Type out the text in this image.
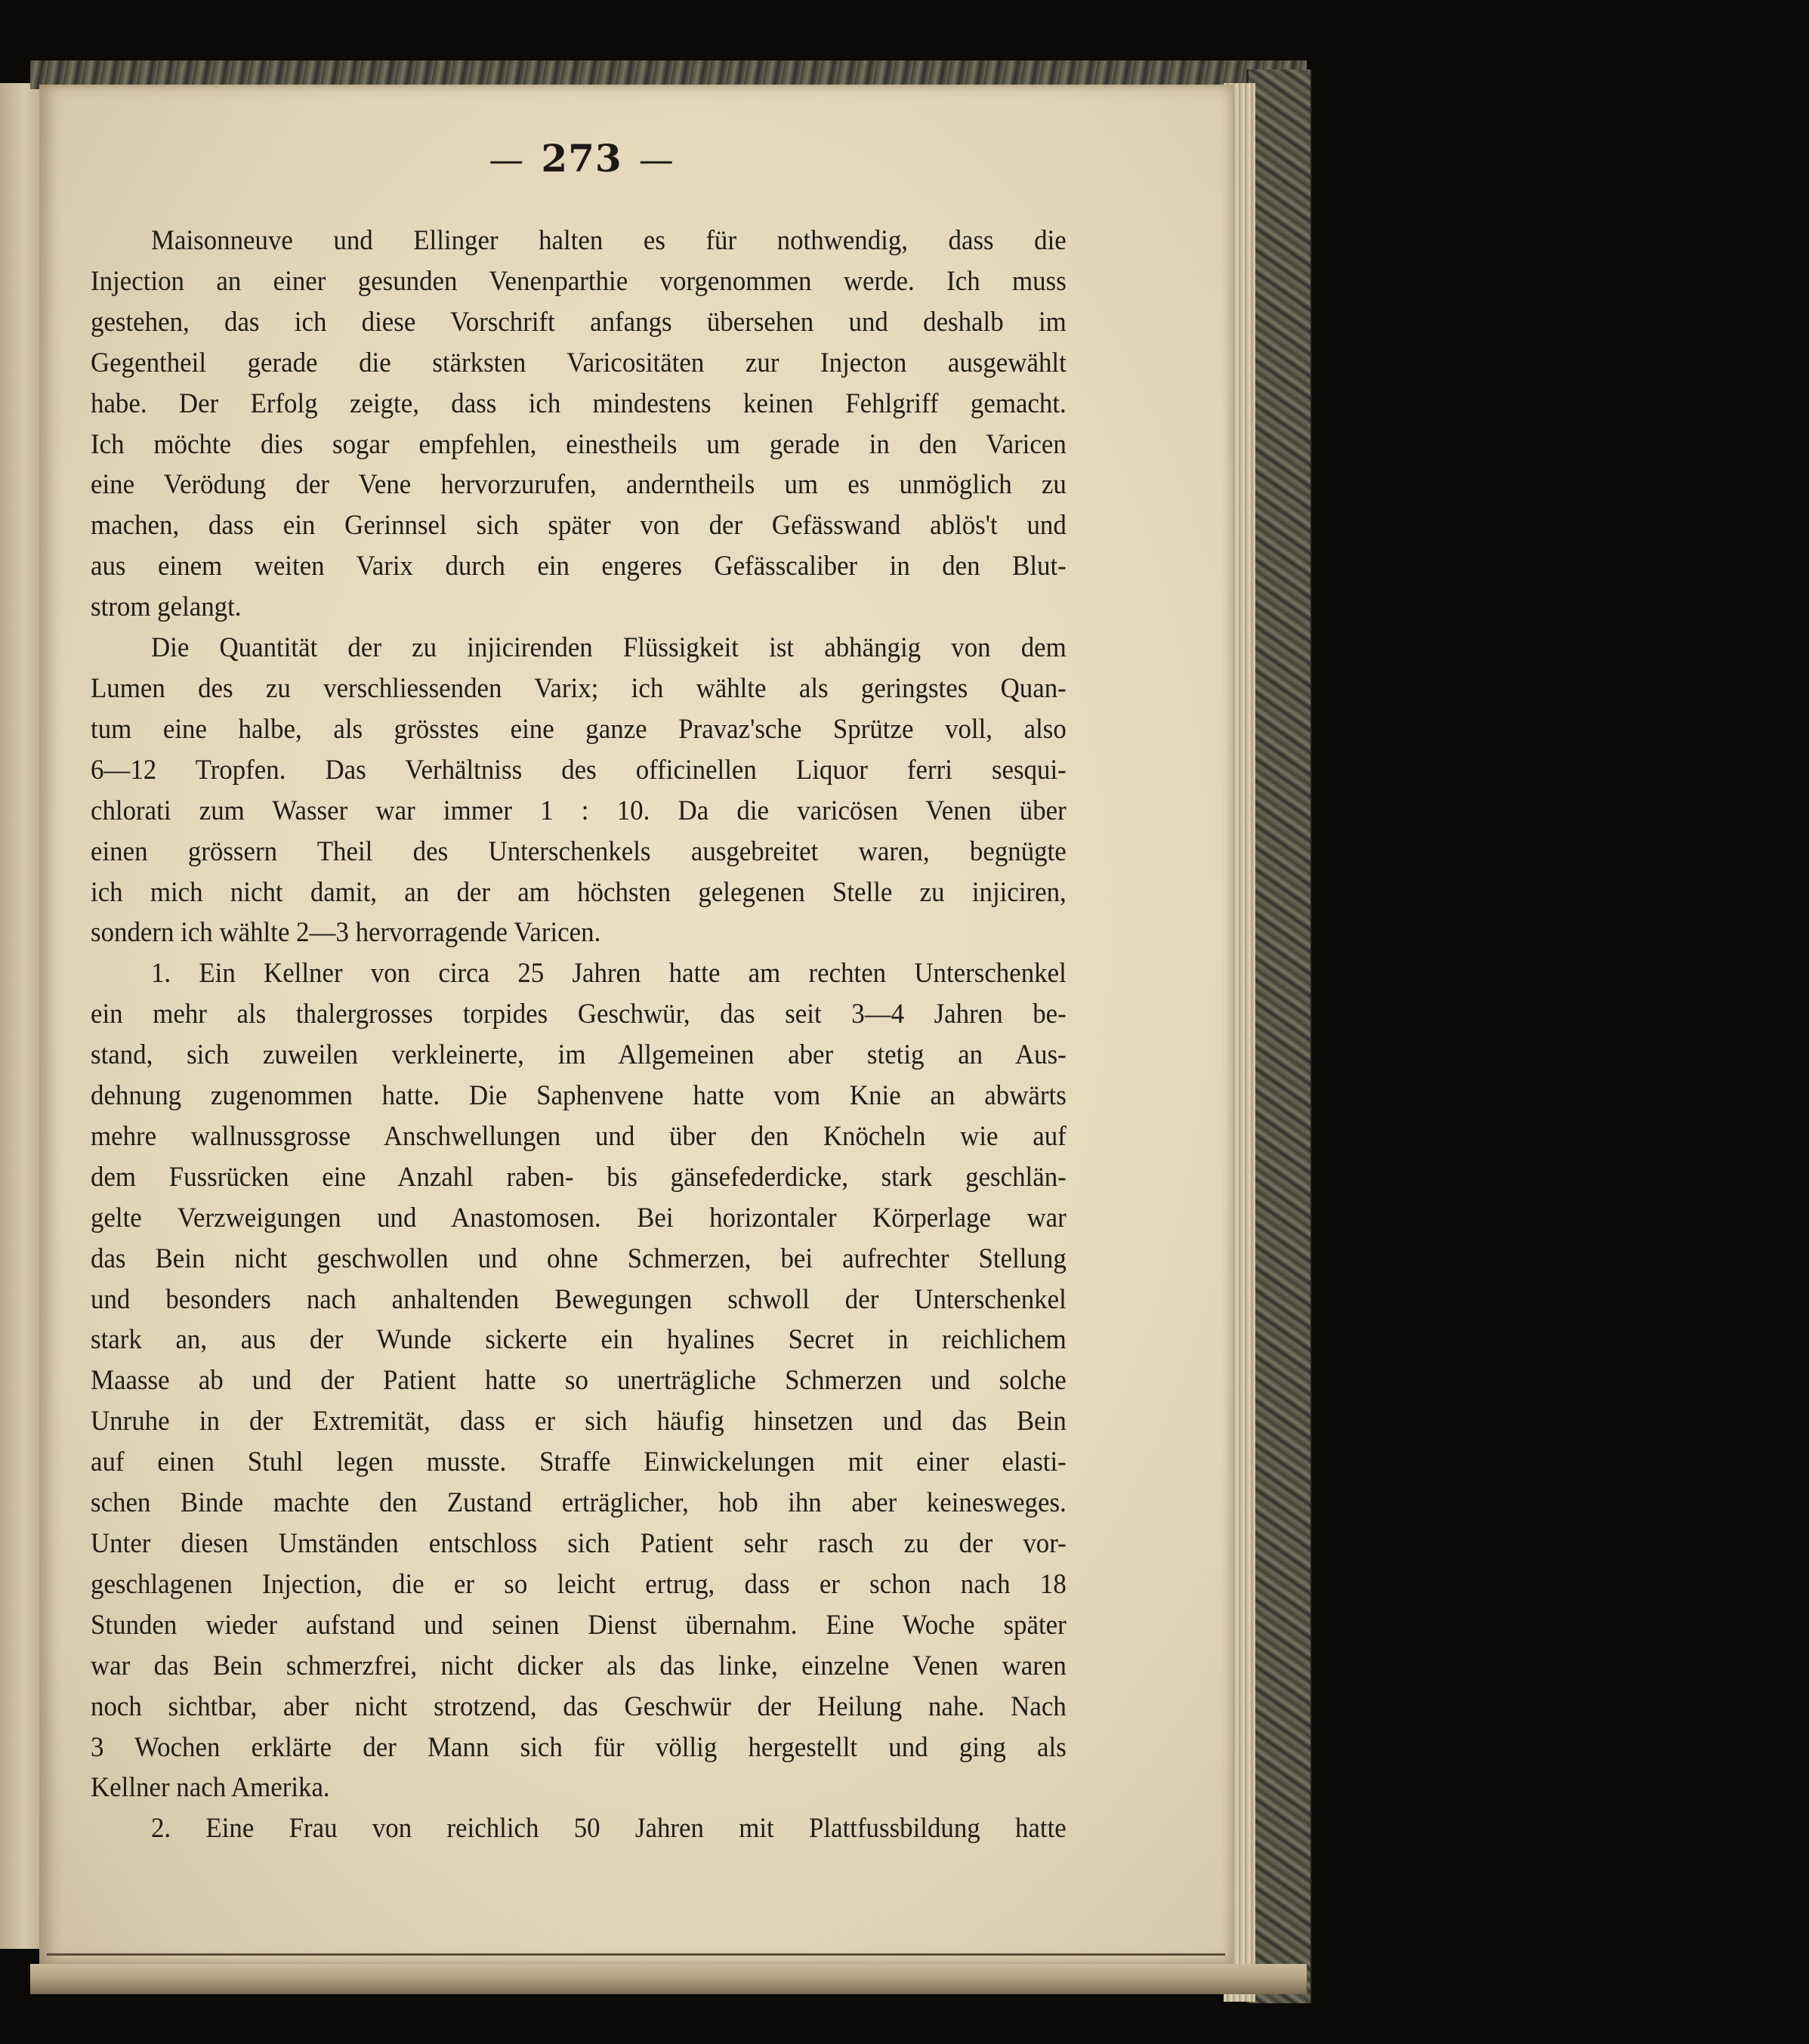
— 273 —
Maisonneuve und Ellinger halten es für nothwendig, dass die
Injection an einer gesunden Venenparthie vorgenommen werde. Ich muss
gestehen, das ich diese Vorschrift anfangs übersehen und deshalb im
Gegentheil gerade die stärksten Varicositäten zur Injecton ausgewählt
habe. Der Erfolg zeigte, dass ich mindestens keinen Fehlgriff gemacht.
Ich möchte dies sogar empfehlen, einestheils um gerade in den Varicen
eine Verödung der Vene hervorzurufen, anderntheils um es unmöglich zu
machen, dass ein Gerinnsel sich später von der Gefässwand ablös't und
aus einem weiten Varix durch ein engeres Gefässcaliber in den Blut-
strom gelangt.
Die Quantität der zu injicirenden Flüssigkeit ist abhängig von dem
Lumen des zu verschliessenden Varix; ich wählte als geringstes Quan-
tum eine halbe, als grösstes eine ganze Pravaz'sche Sprütze voll, also
6—12 Tropfen. Das Verhältniss des officinellen Liquor ferri sesqui-
chlorati zum Wasser war immer 1 : 10. Da die varicösen Venen über
einen grössern Theil des Unterschenkels ausgebreitet waren, begnügte
ich mich nicht damit, an der am höchsten gelegenen Stelle zu injiciren,
sondern ich wählte 2—3 hervorragende Varicen.
1. Ein Kellner von circa 25 Jahren hatte am rechten Unterschenkel
ein mehr als thalergrosses torpides Geschwür, das seit 3—4 Jahren be-
stand, sich zuweilen verkleinerte, im Allgemeinen aber stetig an Aus-
dehnung zugenommen hatte. Die Saphenvene hatte vom Knie an abwärts
mehre wallnussgrosse Anschwellungen und über den Knöcheln wie auf
dem Fussrücken eine Anzahl raben- bis gänsefederdicke, stark geschlän-
gelte Verzweigungen und Anastomosen. Bei horizontaler Körperlage war
das Bein nicht geschwollen und ohne Schmerzen, bei aufrechter Stellung
und besonders nach anhaltenden Bewegungen schwoll der Unterschenkel
stark an, aus der Wunde sickerte ein hyalines Secret in reichlichem
Maasse ab und der Patient hatte so unerträgliche Schmerzen und solche
Unruhe in der Extremität, dass er sich häufig hinsetzen und das Bein
auf einen Stuhl legen musste. Straffe Einwickelungen mit einer elasti-
schen Binde machte den Zustand erträglicher, hob ihn aber keinesweges.
Unter diesen Umständen entschloss sich Patient sehr rasch zu der vor-
geschlagenen Injection, die er so leicht ertrug, dass er schon nach 18
Stunden wieder aufstand und seinen Dienst übernahm. Eine Woche später
war das Bein schmerzfrei, nicht dicker als das linke, einzelne Venen waren
noch sichtbar, aber nicht strotzend, das Geschwür der Heilung nahe. Nach
3 Wochen erklärte der Mann sich für völlig hergestellt und ging als
Kellner nach Amerika.
2. Eine Frau von reichlich 50 Jahren mit Plattfussbildung hatte
